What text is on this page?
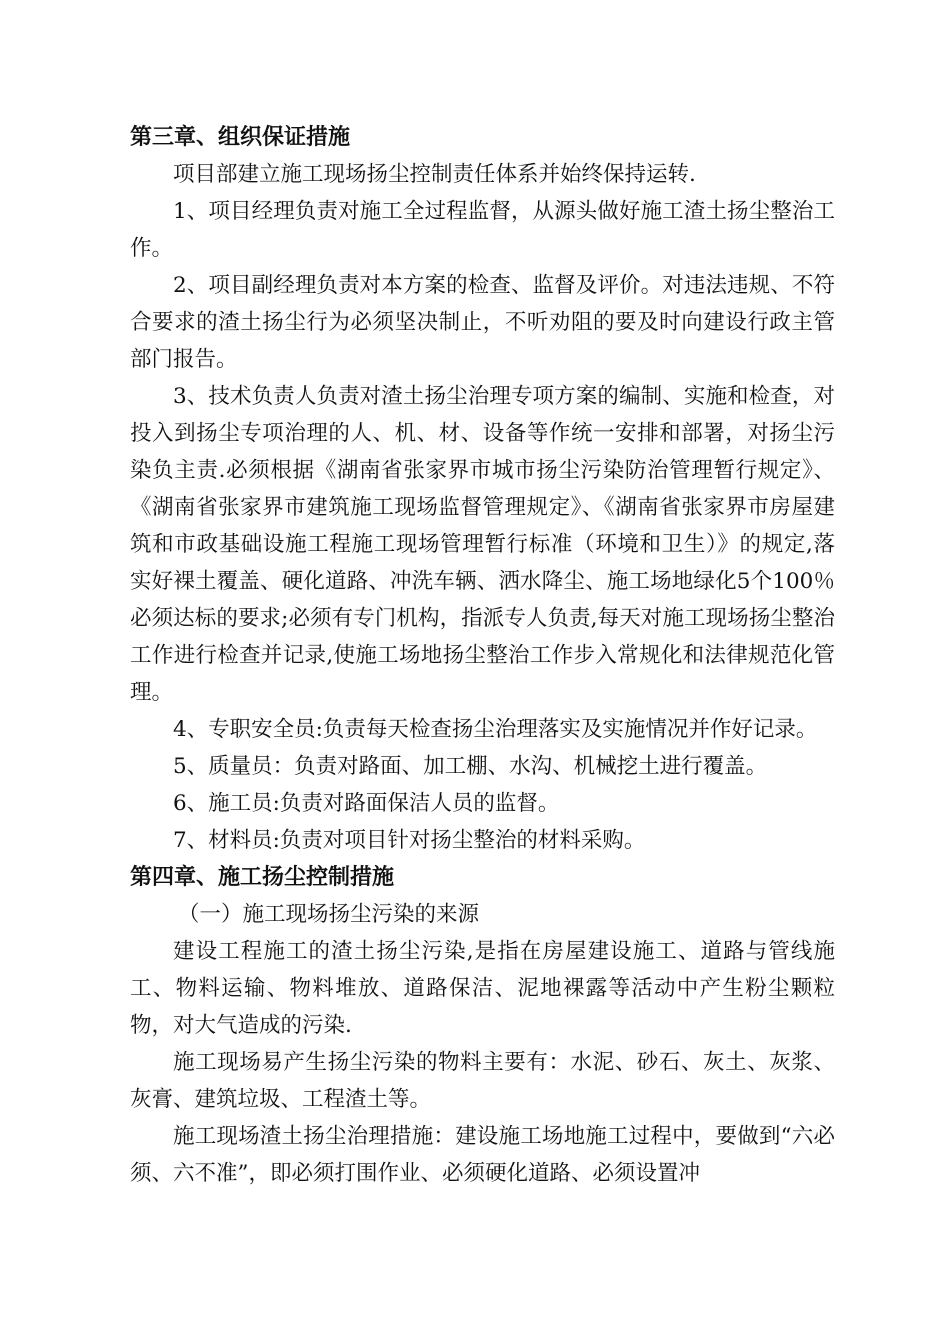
第三章、组织保证措施

项目部建立施工现场扬尘控制责任体系并始终保持运转.

1、项目经理负责对施工全过程监督，从源头做好施工渣土扬尘整治工作。

2、项目副经理负责对本方案的检查、监督及评价。对违法违规、不符合要求的渣土扬尘行为必须坚决制止，不听劝阻的要及时向建设行政主管部门报告。

3、技术负责人负责对渣土扬尘治理专项方案的编制、实施和检查，对投入到扬尘专项治理的人、机、材、设备等作统一安排和部署，对扬尘污染负主责.必须根据《湖南省张家界市城市扬尘污染防治管理暂行规定》、《湖南省张家界市建筑施工现场监督管理规定》、《湖南省张家界市房屋建筑和市政基础设施工程施工现场管理暂行标准（环境和卫生）》的规定,落实好裸土覆盖、硬化道路、冲洗车辆、洒水降尘、施工场地绿化5个100％必须达标的要求;必须有专门机构，指派专人负责,每天对施工现场扬尘整治工作进行检查并记录,使施工场地扬尘整治工作步入常规化和法律规范化管理。

4、专职安全员:负责每天检查扬尘治理落实及实施情况并作好记录。

5、质量员：负责对路面、加工棚、水沟、机械挖土进行覆盖。

6、施工员:负责对路面保洁人员的监督。

7、材料员:负责对项目针对扬尘整治的材料采购。

第四章、施工扬尘控制措施

（一）施工现场扬尘污染的来源

建设工程施工的渣土扬尘污染,是指在房屋建设施工、道路与管线施工、物料运输、物料堆放、道路保洁、泥地裸露等活动中产生粉尘颗粒物，对大气造成的污染.

施工现场易产生扬尘污染的物料主要有：水泥、砂石、灰土、灰浆、灰膏、建筑垃圾、工程渣土等。

施工现场渣土扬尘治理措施：建设施工场地施工过程中，要做到“六必须、六不准”，即必须打围作业、必须硬化道路、必须设置冲
